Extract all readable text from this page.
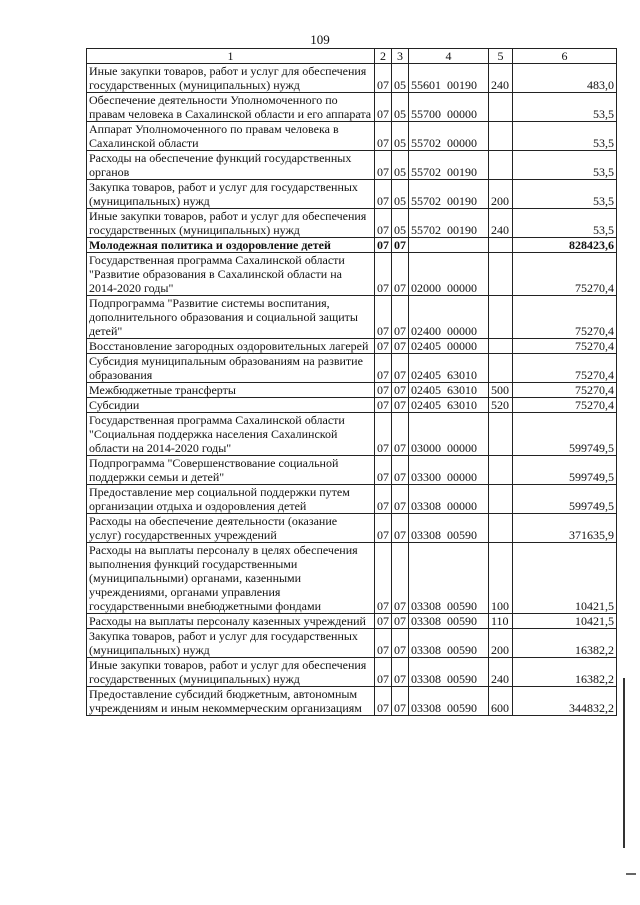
109
1	2	3	4	5	6
Иные закупки товаров, работ и услуг для обеспечения государственных (муниципальных) нужд	07	05	55601  00190	240	483,0
Обеспечение деятельности Уполномоченного по правам человека в Сахалинской области и его аппарата	07	05	55700  00000		53,5
Аппарат Уполномоченного по правам человека в Сахалинской области	07	05	55702  00000		53,5
Расходы на обеспечение функций государственных органов	07	05	55702  00190		53,5
Закупка товаров, работ и услуг для государственных (муниципальных) нужд	07	05	55702  00190	200	53,5
Иные закупки товаров, работ и услуг для обеспечения государственных (муниципальных) нужд	07	05	55702  00190	240	53,5
Молодежная политика и оздоровление детей	07	07			828423,6
Государственная программа Сахалинской области "Развитие образования в Сахалинской области на 2014-2020 годы"	07	07	02000  00000		75270,4
Подпрограмма "Развитие системы воспитания, дополнительного образования и социальной защиты детей"	07	07	02400  00000		75270,4
Восстановление загородных оздоровительных лагерей	07	07	02405  00000		75270,4
Субсидия муниципальным образованиям на развитие образования	07	07	02405  63010		75270,4
Межбюджетные трансферты	07	07	02405  63010	500	75270,4
Субсидии	07	07	02405  63010	520	75270,4
Государственная программа Сахалинской области "Социальная поддержка населения Сахалинской области на 2014-2020 годы"	07	07	03000  00000		599749,5
Подпрограмма "Совершенствование социальной поддержки семьи и детей"	07	07	03300  00000		599749,5
Предоставление мер социальной поддержки путем организации отдыха и оздоровления детей	07	07	03308  00000		599749,5
Расходы на обеспечение деятельности (оказание услуг) государственных учреждений	07	07	03308  00590		371635,9
Расходы на выплаты персоналу в целях обеспечения выполнения функций государственными (муниципальными) органами, казенными учреждениями, органами управления государственными внебюджетными фондами	07	07	03308  00590	100	10421,5
Расходы на выплаты персоналу казенных учреждений	07	07	03308  00590	110	10421,5
Закупка товаров, работ и услуг для государственных (муниципальных) нужд	07	07	03308  00590	200	16382,2
Иные закупки товаров, работ и услуг для обеспечения государственных (муниципальных) нужд	07	07	03308  00590	240	16382,2
Предоставление субсидий бюджетным, автономным учреждениям и иным некоммерческим организациям	07	07	03308  00590	600	344832,2
